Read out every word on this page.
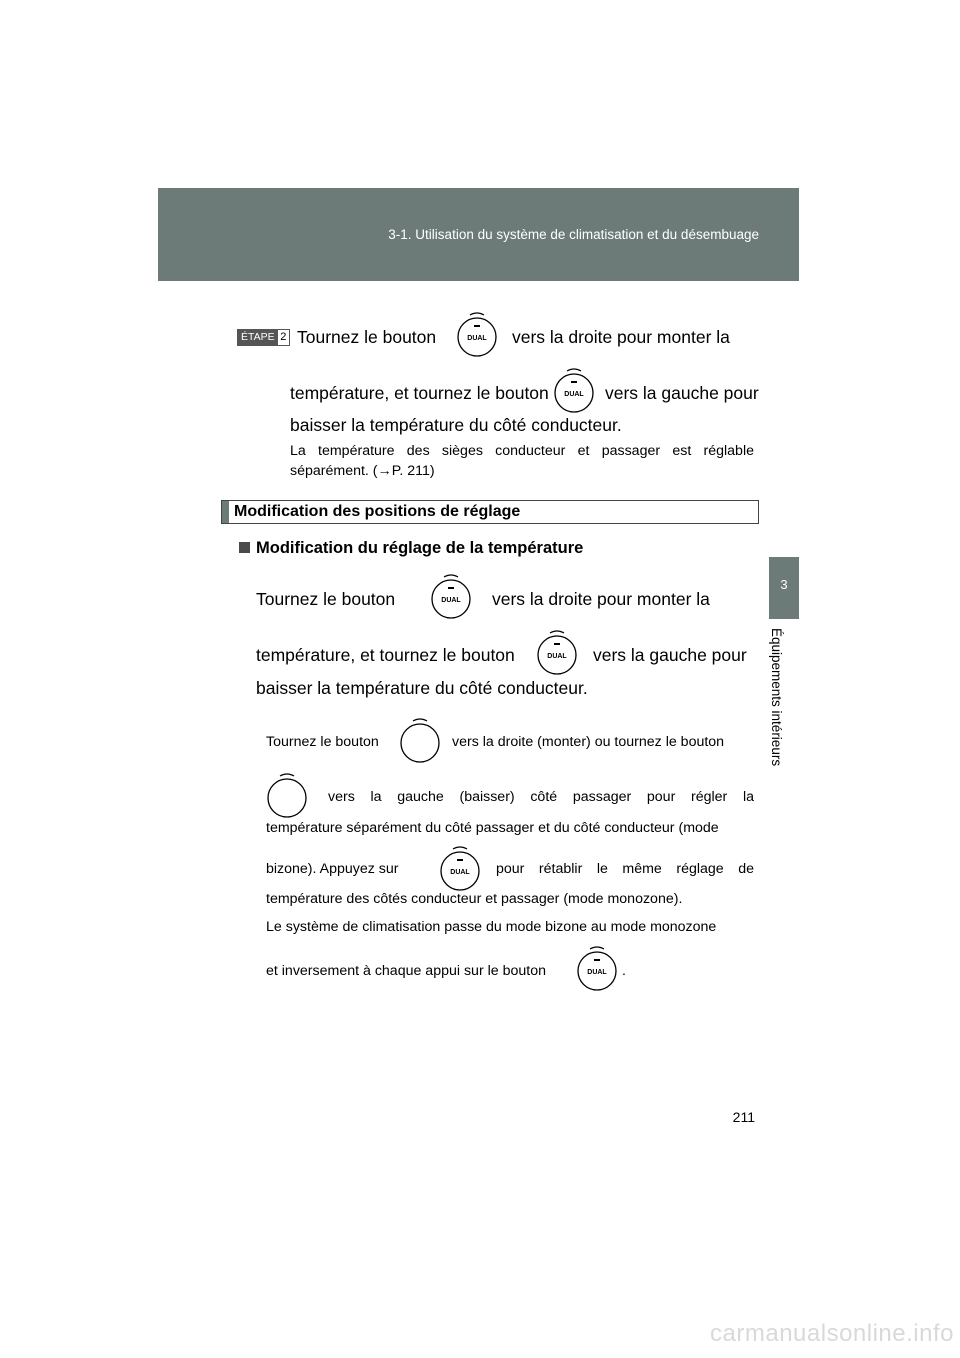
3-1. Utilisation du système de climatisation et du désembuage
3
Équipements intérieurs
ÉTAPE 2 Tournez le bouton	DUAL vers la droite pour monter la
température, et tournez le bouton DUAL vers la gauche pour
baisser la température du côté conducteur.
La température des sièges conducteur et passager est réglable
séparément. (→P. 211)
Modification des positions de réglage
Modification du réglage de la température
Tournez le bouton	DUAL vers la droite pour monter la
température, et tournez le bouton	DUAL vers la gauche pour
baisser la température du côté conducteur.
Tournez le bouton	vers la droite (monter) ou tournez le bouton
vers la gauche (baisser) côté passager pour régler la
température séparément du côté passager et du côté conducteur (mode
bizone). Appuyez sur	DUAL pour rétablir le même réglage de
température des côtés conducteur et passager (mode monozone).
Le système de climatisation passe du mode bizone au mode monozone
et inversement à chaque appui sur le bouton	DUAL .
211
carmanualsonline.info
